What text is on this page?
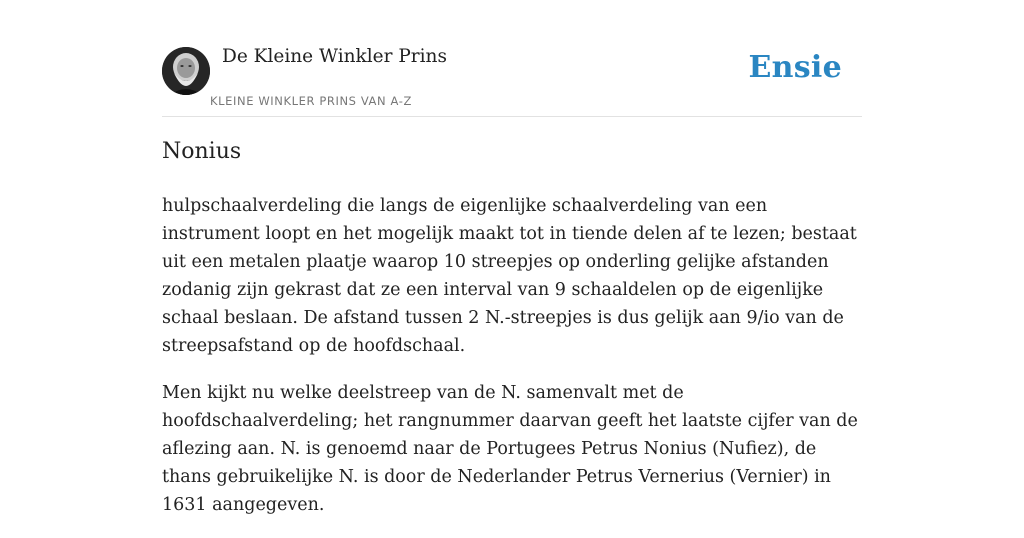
De Kleine Winkler Prins
KLEINE WINKLER PRINS VAN A-Z
Ensie
Nonius

hulpschaalverdeling die langs de eigenlijke schaalverdeling van een instrument loopt en het mogelijk maakt tot in tiende delen af te lezen; bestaat uit een metalen plaatje waarop 10 streepjes op onderling gelijke afstanden zodanig zijn gekrast dat ze een interval van 9 schaaldelen op de eigenlijke schaal beslaan. De afstand tussen 2 N.-streepjes is dus gelijk aan 9/io van de streepsafstand op de hoofdschaal.

Men kijkt nu welke deelstreep van de N. samenvalt met de hoofdschaalverdeling; het rangnummer daarvan geeft het laatste cijfer van de aflezing aan. N. is genoemd naar de Portugees Petrus Nonius (Nufiez), de thans gebruikelijke N. is door de Nederlander Petrus Vernerius (Vernier) in 1631 aangegeven.
